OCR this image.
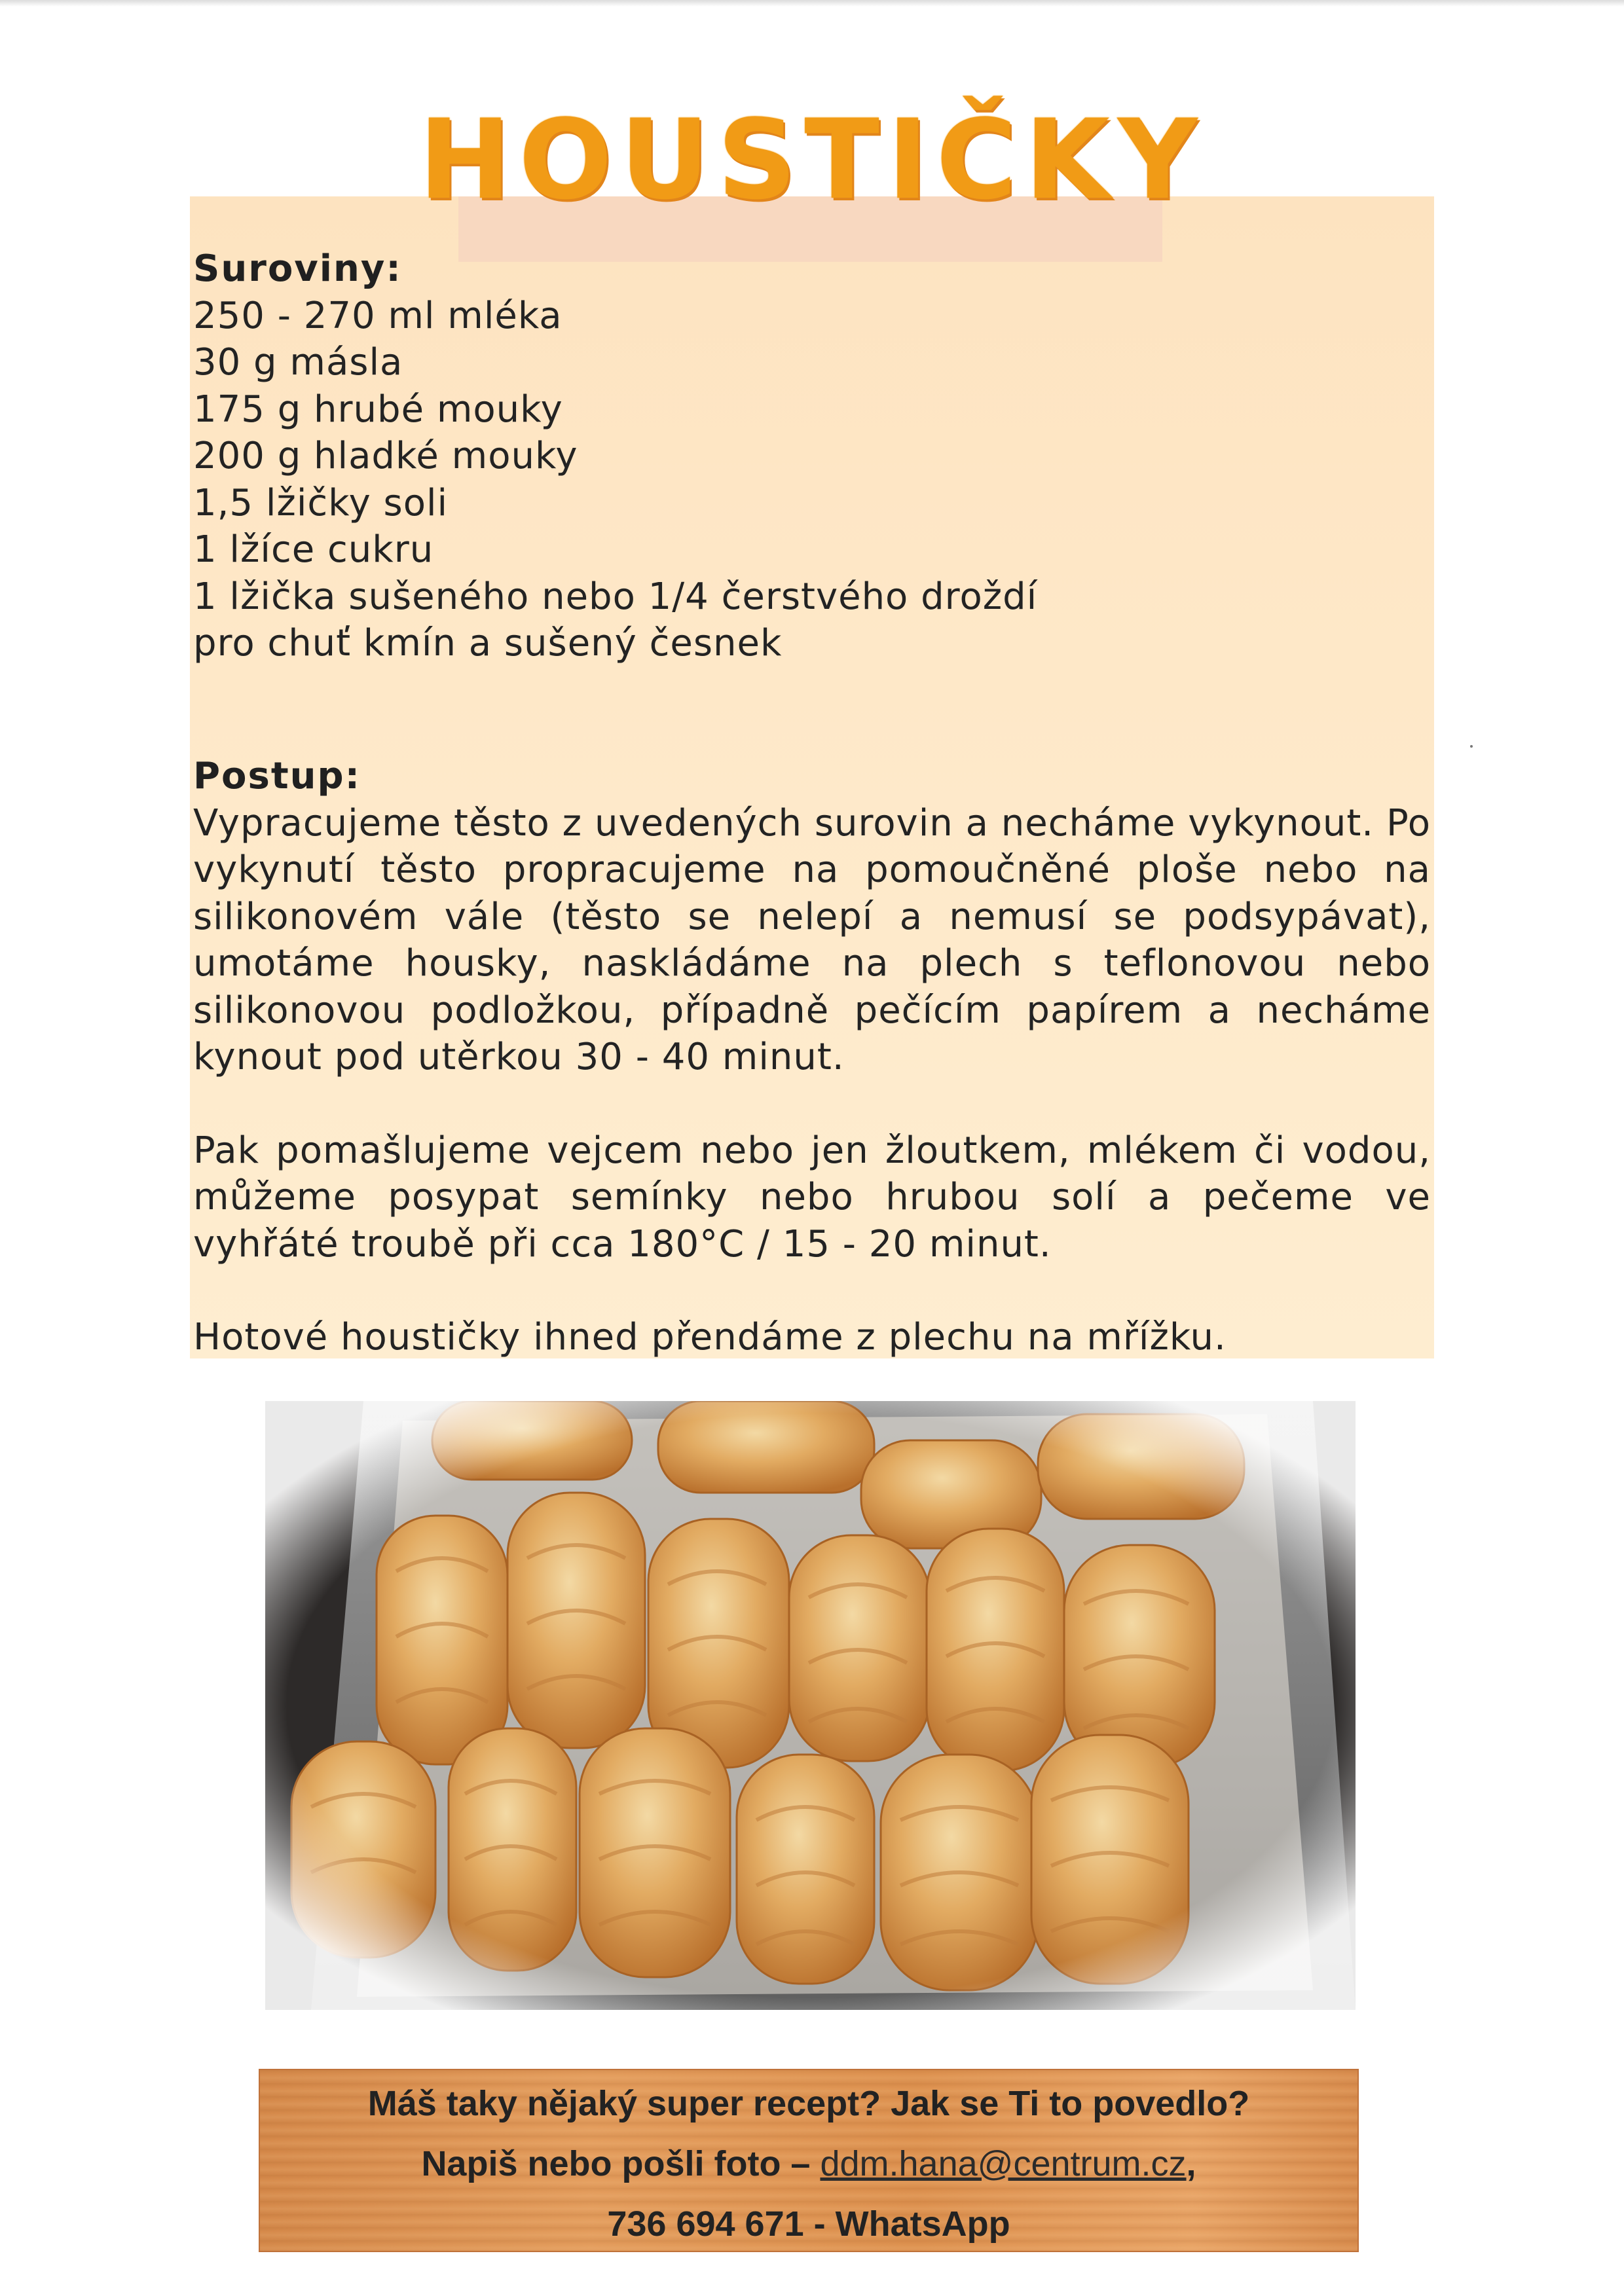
HOUSTIČKY
Suroviny:
250 - 270 ml mléka
30 g másla
175 g hrubé mouky
200 g hladké mouky
1,5 lžičky soli
1 lžíce cukru
1 lžička sušeného nebo 1/4 čerstvého droždí
pro chuť kmín a sušený česnek
Postup:

Vypracujeme těsto z uvedených surovin a necháme vykynout. Po vykynutí těsto propracujeme na pomoučněné ploše nebo na silikonovém vále (těsto se nelepí a nemusí se podsypávat), umotáme housky, naskládáme na plech s teflonovou nebo silikonovou podložkou, případně pečícím papírem a necháme kynout pod utěrkou 30 - 40 minut.

Pak pomašlujeme vejcem nebo jen žloutkem, mlékem či vodou, můžeme posypat semínky nebo hrubou solí a pečeme ve vyhřáté troubě při cca 180°C / 15 - 20 minut.

Hotové houstičky ihned přendáme z plechu na mřížku.

Máš taky nějaký super recept? Jak se Ti to povedlo?
Napiš nebo pošli foto – ddm.hana@centrum.cz,
736 694 671 - WhatsApp
